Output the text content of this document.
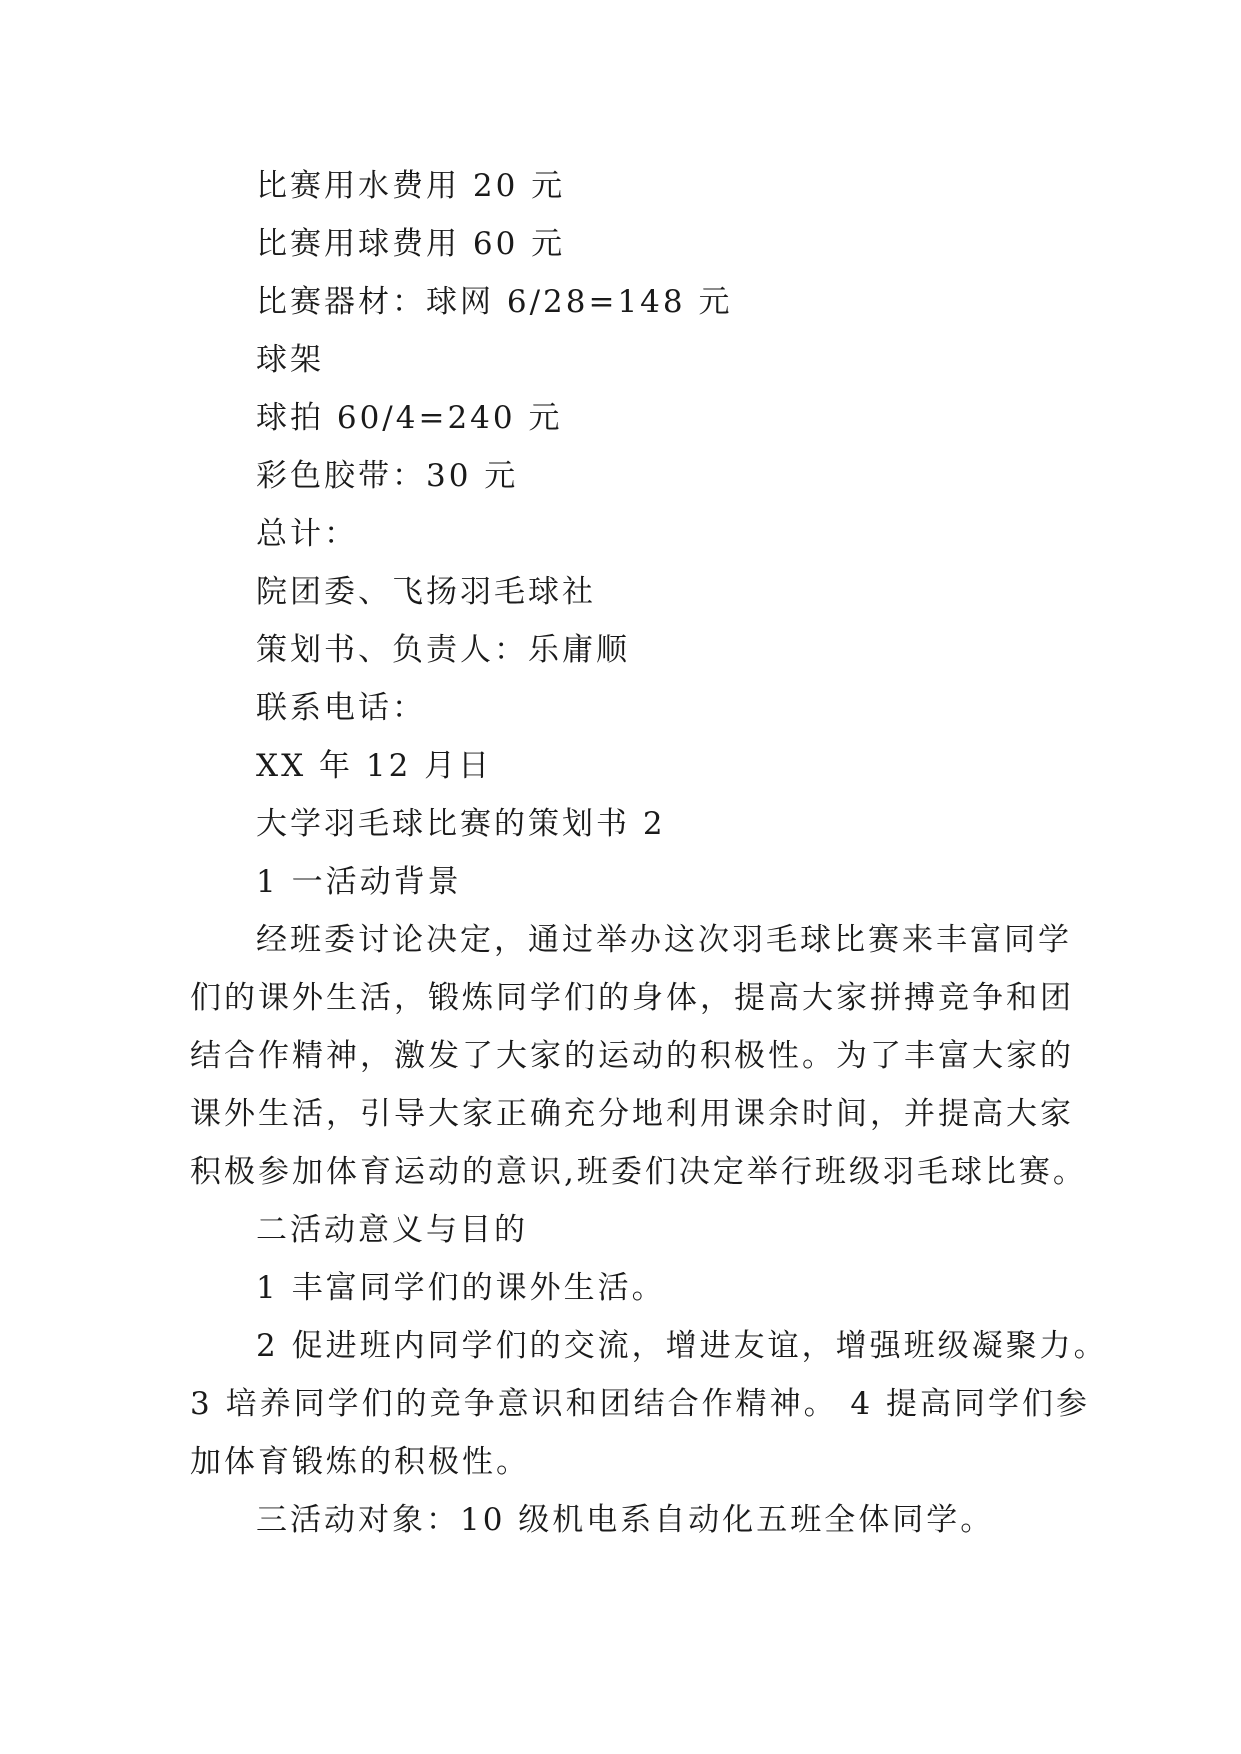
比赛用水费用 20 元
比赛用球费用 60 元
比赛器材：球网 6/28=148 元
球架
球拍 60/4=240 元
彩色胶带：30 元
总计：
院团委、飞扬羽毛球社
策划书、负责人：乐庸顺
联系电话：
XX 年 12 月日
大学羽毛球比赛的策划书 2
1 一活动背景
经班委讨论决定，通过举办这次羽毛球比赛来丰富同学
们的课外生活，锻炼同学们的身体，提高大家拼搏竞争和团
结合作精神，激发了大家的运动的积极性。为了丰富大家的
课外生活，引导大家正确充分地利用课余时间，并提高大家
积极参加体育运动的意识,班委们决定举行班级羽毛球比赛。
二活动意义与目的
1 丰富同学们的课外生活。
2 促进班内同学们的交流，增进友谊，增强班级凝聚力。
3 培养同学们的竞争意识和团结合作精神。 4 提高同学们参
加体育锻炼的积极性。
三活动对象：10 级机电系自动化五班全体同学。
